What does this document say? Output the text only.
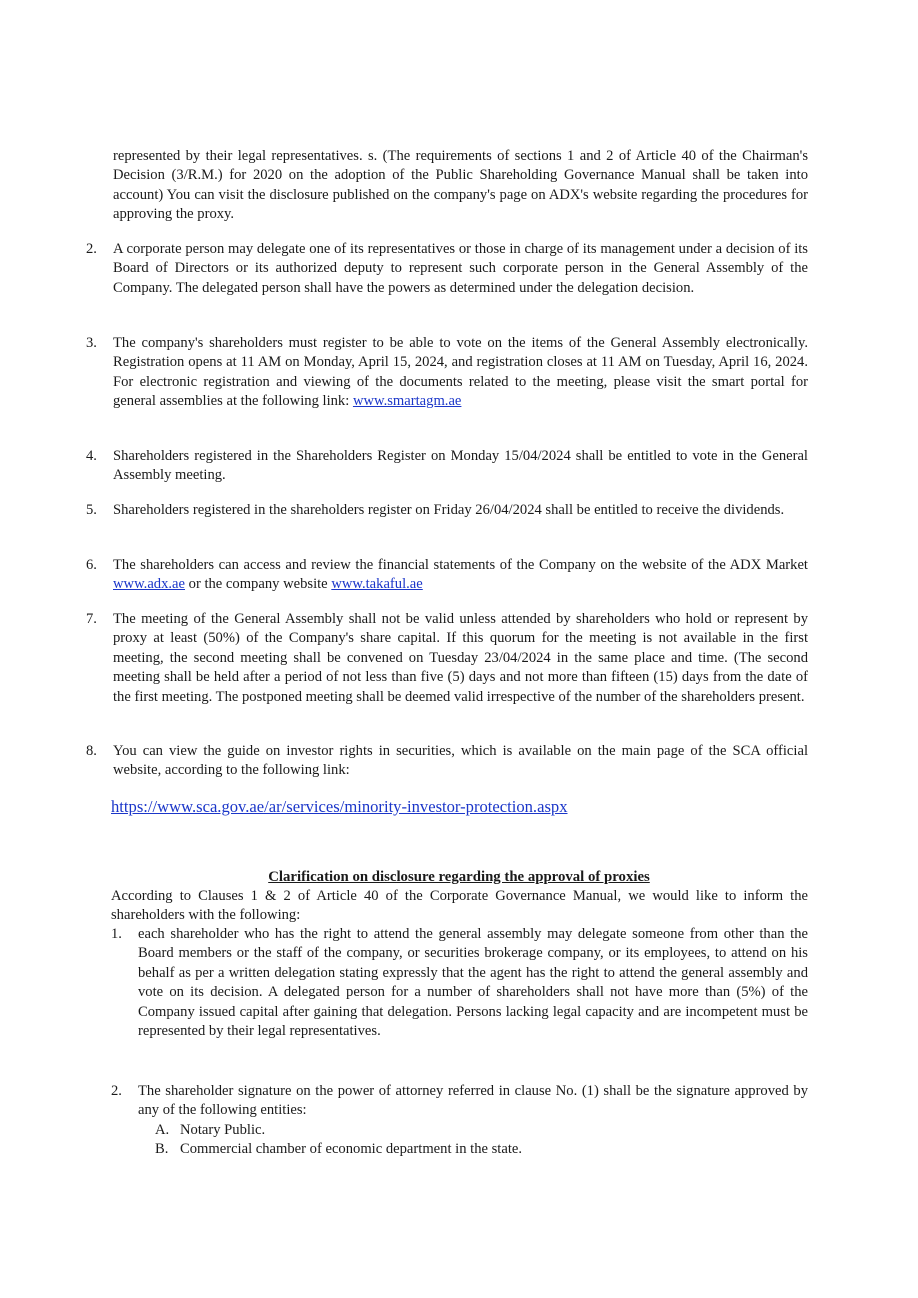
represented by their legal representatives. s. (The requirements of sections 1 and 2 of Article 40 of the Chairman's Decision (3/R.M.) for 2020 on the adoption of the Public Shareholding Governance Manual shall be taken into account) You can visit the disclosure published on the company's page on ADX's website regarding the procedures for approving the proxy.

2.	A corporate person may delegate one of its representatives or those in charge of its management under a decision of its Board of Directors or its authorized deputy to represent such corporate person in the General Assembly of the Company. The delegated person shall have the powers as determined under the delegation decision.
3.	The company's shareholders must register to be able to vote on the items of the General Assembly electronically. Registration opens at 11 AM on Monday, April 15, 2024, and registration closes at 11 AM on Tuesday, April 16, 2024. For electronic registration and viewing of the documents related to the meeting, please visit the smart portal for general assemblies at the following link: www.smartagm.ae
4.	Shareholders registered in the Shareholders Register on Monday 15/04/2024 shall be entitled to vote in the General Assembly meeting.
5.	Shareholders registered in the shareholders register on Friday 26/04/2024 shall be entitled to receive the dividends.
6.	The shareholders can access and review the financial statements of the Company on the website of the ADX Market www.adx.ae or the company website www.takaful.ae
7.	The meeting of the General Assembly shall not be valid unless attended by shareholders who hold or represent by proxy at least (50%) of the Company's share capital. If this quorum for the meeting is not available in the first meeting, the second meeting shall be convened on Tuesday 23/04/2024 in the same place and time. (The second meeting shall be held after a period of not less than five (5) days and not more than fifteen (15) days from the date of the first meeting. The postponed meeting shall be deemed valid irrespective of the number of the shareholders present.
8.	You can view the guide on investor rights in securities, which is available on the main page of the SCA official website, according to the following link:
https://www.sca.gov.ae/ar/services/minority-investor-protection.aspx
Clarification on disclosure regarding the approval of proxies

According to Clauses 1 & 2 of Article 40 of the Corporate Governance Manual, we would like to inform the shareholders with the following:

1. each shareholder who has the right to attend the general assembly may delegate someone from other than the Board members or the staff of the company, or securities brokerage company, or its employees, to attend on his behalf as per a written delegation stating expressly that the agent has the right to attend the general assembly and vote on its decision. A delegated person for a number of shareholders shall not have more than (5%) of the Company issued capital after gaining that delegation. Persons lacking legal capacity and are incompetent must be represented by their legal representatives.
2. The shareholder signature on the power of attorney referred in clause No. (1) shall be the signature approved by any of the following entities:
A. Notary Public.
B. Commercial chamber of economic department in the state.
